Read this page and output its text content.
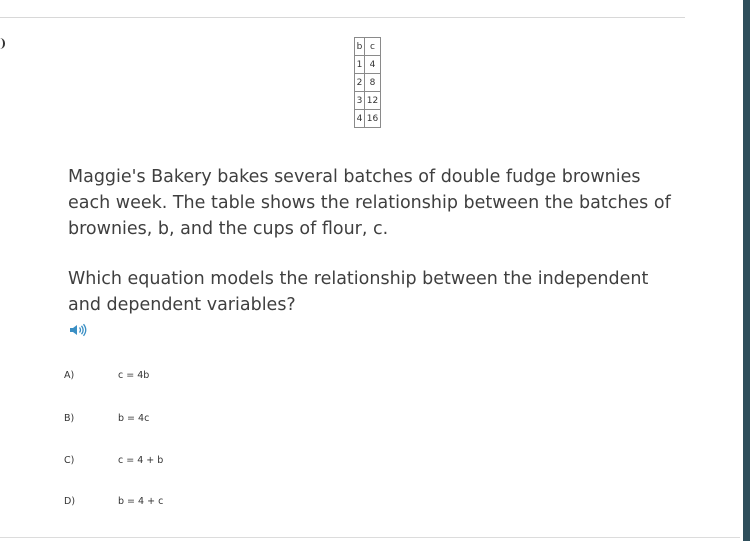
b	c
1	4
2	8
3	12
4	16

Maggie's Bakery bakes several batches of double fudge brownies
each week. The table shows the relationship between the batches of
brownies, b, and the cups of flour, c.

Which equation models the relationship between the independent
and dependent variables?

A)	c = 4b
B)	b = 4c
C)	c = 4 + b
D)	b = 4 + c
